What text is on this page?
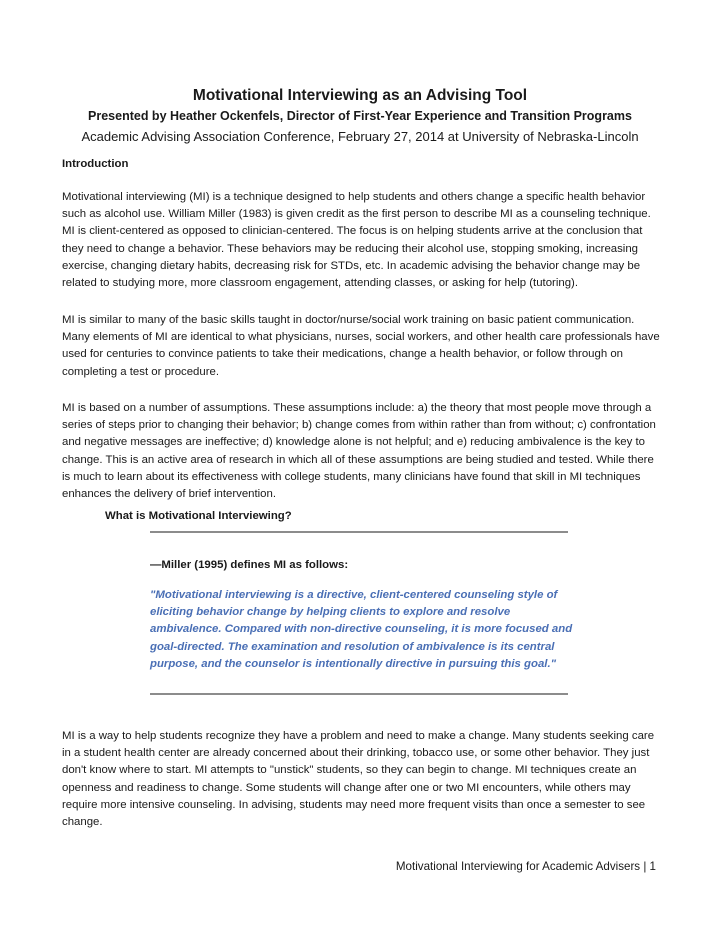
Motivational Interviewing as an Advising Tool

Presented by Heather Ockenfels, Director of First-Year Experience and Transition Programs

Academic Advising Association Conference, February 27, 2014 at University of Nebraska-Lincoln

Introduction

Motivational interviewing (MI) is a technique designed to help students and others change a specific health behavior such as alcohol use. William Miller (1983) is given credit as the first person to describe MI as a counseling technique. MI is client-centered as opposed to clinician-centered. The focus is on helping students arrive at the conclusion that they need to change a behavior. These behaviors may be reducing their alcohol use, stopping smoking, increasing exercise, changing dietary habits, decreasing risk for STDs, etc. In academic advising the behavior change may be related to studying more, more classroom engagement, attending classes, or asking for help (tutoring).

MI is similar to many of the basic skills taught in doctor/nurse/social work training on basic patient communication. Many elements of MI are identical to what physicians, nurses, social workers, and other health care professionals have used for centuries to convince patients to take their medications, change a health behavior, or follow through on completing a test or procedure.

MI is based on a number of assumptions. These assumptions include: a) the theory that most people move through a series of steps prior to changing their behavior; b) change comes from within rather than from without; c) confrontation and negative messages are ineffective; d) knowledge alone is not helpful; and e) reducing ambivalence is the key to change. This is an active area of research in which all of these assumptions are being studied and tested. While there is much to learn about its effectiveness with college students, many clinicians have found that skill in MI techniques enhances the delivery of brief intervention.

What is Motivational Interviewing?

—Miller (1995) defines MI as follows:

"Motivational interviewing is a directive, client-centered counseling style of eliciting behavior change by helping clients to explore and resolve ambivalence. Compared with non-directive counseling, it is more focused and goal-directed. The examination and resolution of ambivalence is its central purpose, and the counselor is intentionally directive in pursuing this goal."

MI is a way to help students recognize they have a problem and need to make a change. Many students seeking care in a student health center are already concerned about their drinking, tobacco use, or some other behavior. They just don't know where to start. MI attempts to "unstick" students, so they can begin to change. MI techniques create an openness and readiness to change. Some students will change after one or two MI encounters, while others may require more intensive counseling. In advising, students may need more frequent visits than once a semester to see change.

Motivational Interviewing for Academic Advisers | 1
